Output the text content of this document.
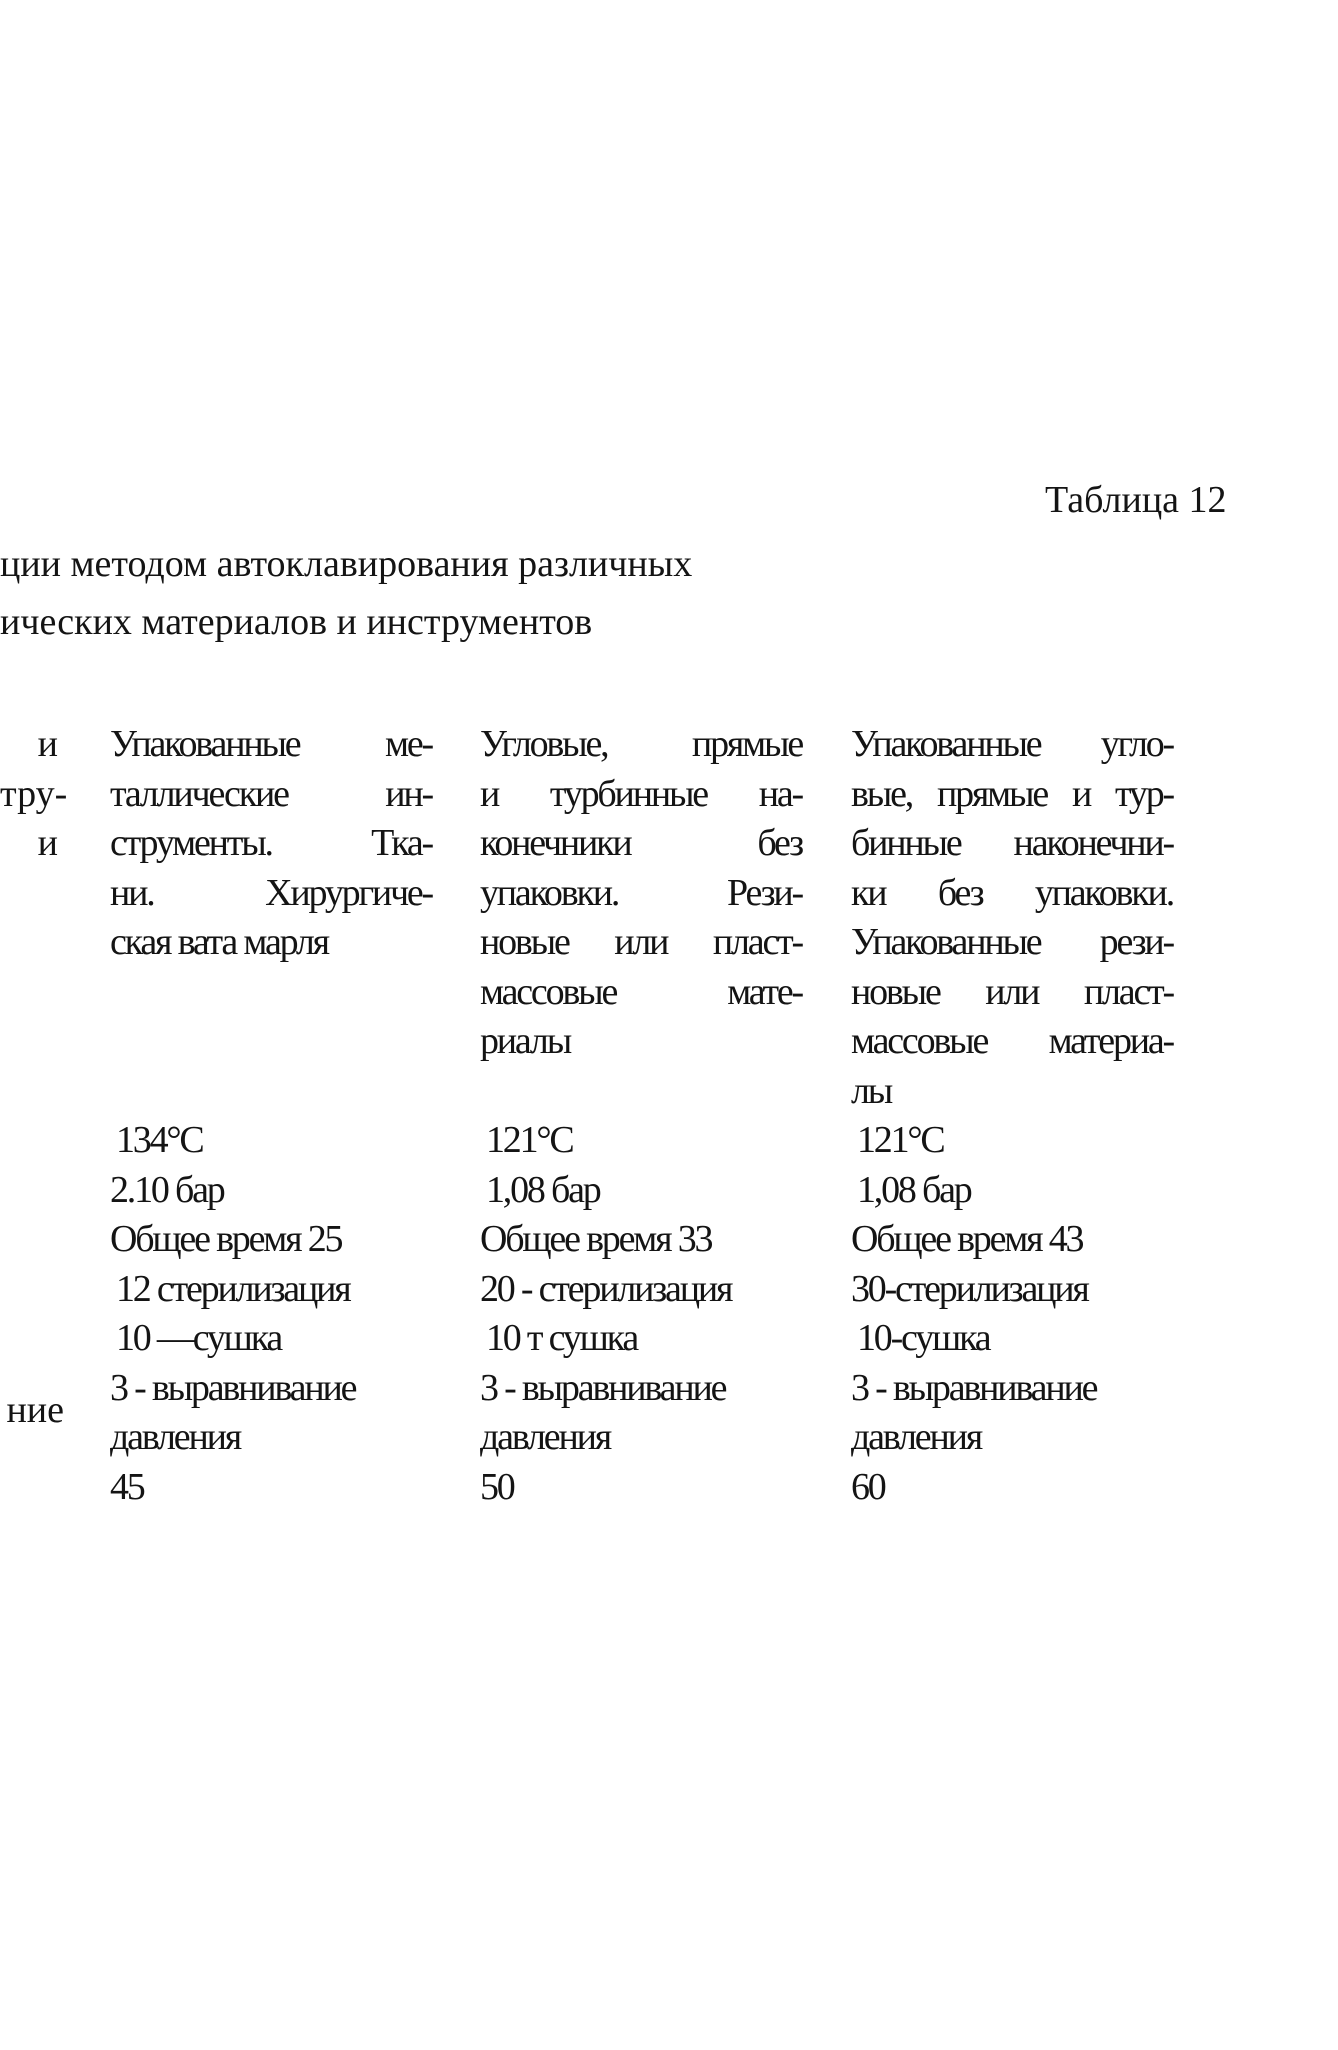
Таблица 12
ции методом автоклавирования различных
ических материалов и инструментов
и
тру-
и
ние
Упакованные ме-
таллические ин-
струменты. Тка-
ни. Хирургиче-
ская вата марля
134°С
2.10 бар
Общее время 25
12 стерилизация
10 —сушка
3 - выравнивание
давления
45
Угловые, прямые
и турбинные на-
конечники без
упаковки. Рези-
новые или пласт-
массовые мате-
риалы
121°С
1,08 бар
Общее время 33
20 - стерилизация
10 т сушка
3 - выравнивание
давления
50
Упакованные угло-
вые, прямые и тур-
бинные наконечни-
ки без упаковки.
Упакованные рези-
новые или пласт-
массовые материа-
лы
121°С
1,08 бар
Общее время 43
30-стерилизация
10-сушка
3 - выравнивание
давления
60
